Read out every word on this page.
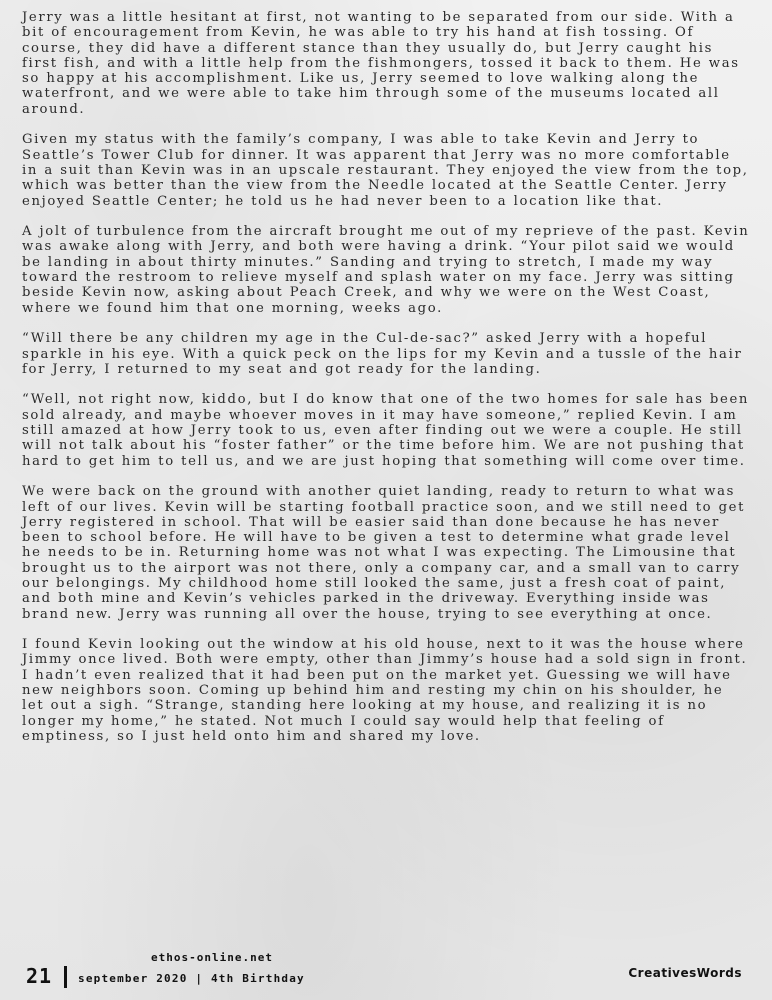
Jerry was a little hesitant at first, not wanting to be separated from our side. With a bit of encouragement from Kevin, he was able to try his hand at fish tossing. Of course, they did have a different stance than they usually do, but Jerry caught his first fish, and with a little help from the fishmongers, tossed it back to them. He was so happy at his accomplishment. Like us, Jerry seemed to love walking along the waterfront, and we were able to take him through some of the museums located all around.

Given my status with the family’s company, I was able to take Kevin and Jerry to Seattle’s Tower Club for dinner. It was apparent that Jerry was no more comfortable in a suit than Kevin was in an upscale restaurant. They enjoyed the view from the top, which was better than the view from the Needle located at the Seattle Center. Jerry enjoyed Seattle Center; he told us he had never been to a location like that.

A jolt of turbulence from the aircraft brought me out of my reprieve of the past. Kevin was awake along with Jerry, and both were having a drink. “Your pilot said we would be landing in about thirty minutes.” Sanding and trying to stretch, I made my way toward the restroom to relieve myself and splash water on my face. Jerry was sitting beside Kevin now, asking about Peach Creek, and why we were on the West Coast, where we found him that one morning, weeks ago.

“Will there be any children my age in the Cul-de-sac?” asked Jerry with a hopeful sparkle in his eye. With a quick peck on the lips for my Kevin and a tussle of the hair for Jerry, I returned to my seat and got ready for the landing.

“Well, not right now, kiddo, but I do know that one of the two homes for sale has been sold already, and maybe whoever moves in it may have someone,” replied Kevin. I am still amazed at how Jerry took to us, even after finding out we were a couple. He still will not talk about his “foster father” or the time before him. We are not pushing that hard to get him to tell us, and we are just hoping that something will come over time.

We were back on the ground with another quiet landing, ready to return to what was left of our lives. Kevin will be starting football practice soon, and we still need to get Jerry registered in school. That will be easier said than done because he has never been to school before. He will have to be given a test to determine what grade level he needs to be in. Returning home was not what I was expecting. The Limousine that brought us to the airport was not there, only a company car, and a small van to carry our belongings. My childhood home still looked the same, just a fresh coat of paint, and both mine and Kevin’s vehicles parked in the driveway. Everything inside was brand new. Jerry was running all over the house, trying to see everything at once.

I found Kevin looking out the window at his old house, next to it was the house where Jimmy once lived. Both were empty, other than Jimmy’s house had a sold sign in front. I hadn’t even realized that it had been put on the market yet. Guessing we will have new neighbors soon. Coming up behind him and resting my chin on his shoulder, he let out a sigh. “Strange, standing here looking at my house, and realizing it is no longer my home,” he stated. Not much I could say would help that feeling of emptiness, so I just held onto him and shared my love.

21
ethos-online.net
september 2020 | 4th Birthday	CreativesWords
